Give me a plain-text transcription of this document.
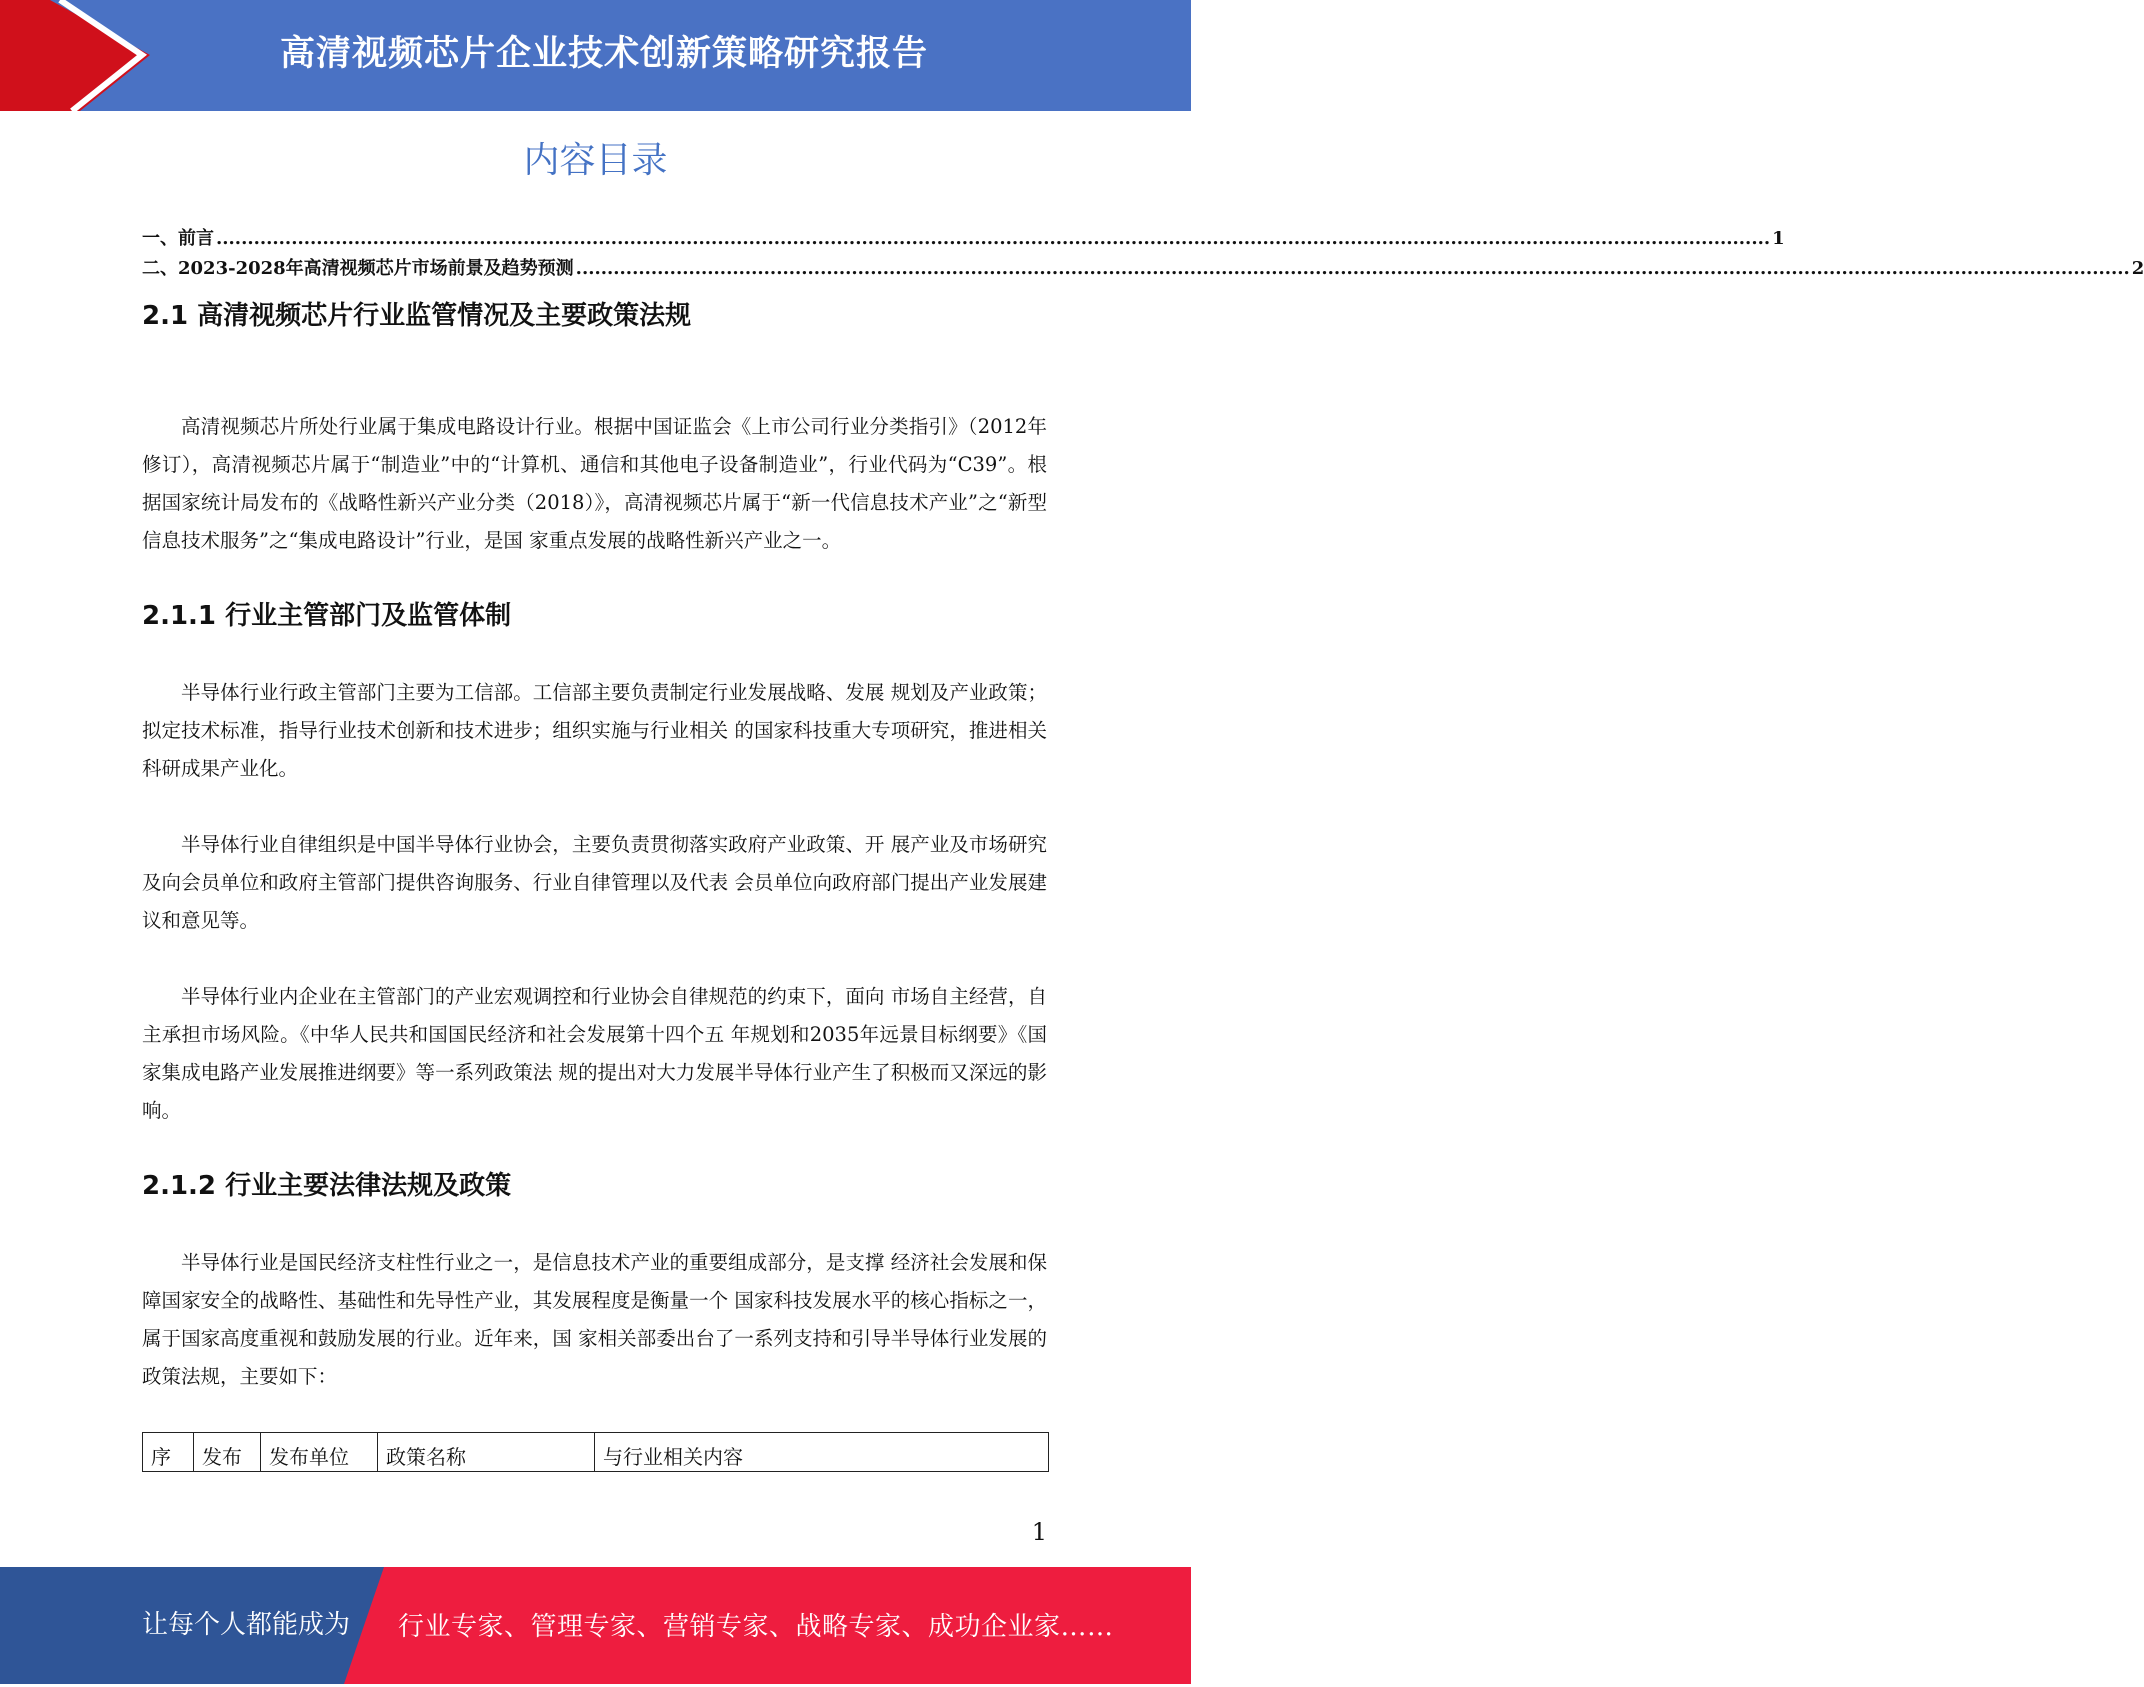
高清视频芯片企业技术创新策略研究报告
内容目录
一、前言 ........................................................................................................................................................................................................................................................ 1
二、2023-2028年高清视频芯片市场前景及趋势预测 ........................................................................................................................................................................................................................................................ 2
2.1 高清视频芯片行业监管情况及主要政策法规

高清视频芯片所处行业属于集成电路设计行业。根据中国证监会《上市公司行业分类指引》（2012年修订），高清视频芯片属于“制造业”中的“计算机、通信和其他电子设备制造业”，行业代码为“C39”。根据国家统计局发布的《战略性新兴产业分类（2018）》，高清视频芯片属于“新一代信息技术产业”之“新型信息技术服务”之“集成电路设计”行业，是国 家重点发展的战略性新兴产业之一。

2.1.1 行业主管部门及监管体制

半导体行业行政主管部门主要为工信部。工信部主要负责制定行业发展战略、发展 规划及产业政策；拟定技术标准，指导行业技术创新和技术进步；组织实施与行业相关 的国家科技重大专项研究，推进相关科研成果产业化。

半导体行业自律组织是中国半导体行业协会，主要负责贯彻落实政府产业政策、开 展产业及市场研究及向会员单位和政府主管部门提供咨询服务、行业自律管理以及代表 会员单位向政府部门提出产业发展建议和意见等。

半导体行业内企业在主管部门的产业宏观调控和行业协会自律规范的约束下，面向 市场自主经营，自主承担市场风险。《中华人民共和国国民经济和社会发展第十四个五 年规划和2035年远景目标纲要》《国家集成电路产业发展推进纲要》等一系列政策法 规的提出对大力发展半导体行业产生了积极而又深远的影响。

2.1.2 行业主要法律法规及政策

半导体行业是国民经济支柱性行业之一，是信息技术产业的重要组成部分，是支撑 经济社会发展和保障国家安全的战略性、基础性和先导性产业，其发展程度是衡量一个 国家科技发展水平的核心指标之一，属于国家高度重视和鼓励发展的行业。近年来，国 家相关部委出台了一系列支持和引导半导体行业发展的政策法规，主要如下：

序	发布	发布单位	政策名称	与行业相关内容
1
让每个人都能成为 行业专家、管理专家、营销专家、战略专家、成功企业家……
